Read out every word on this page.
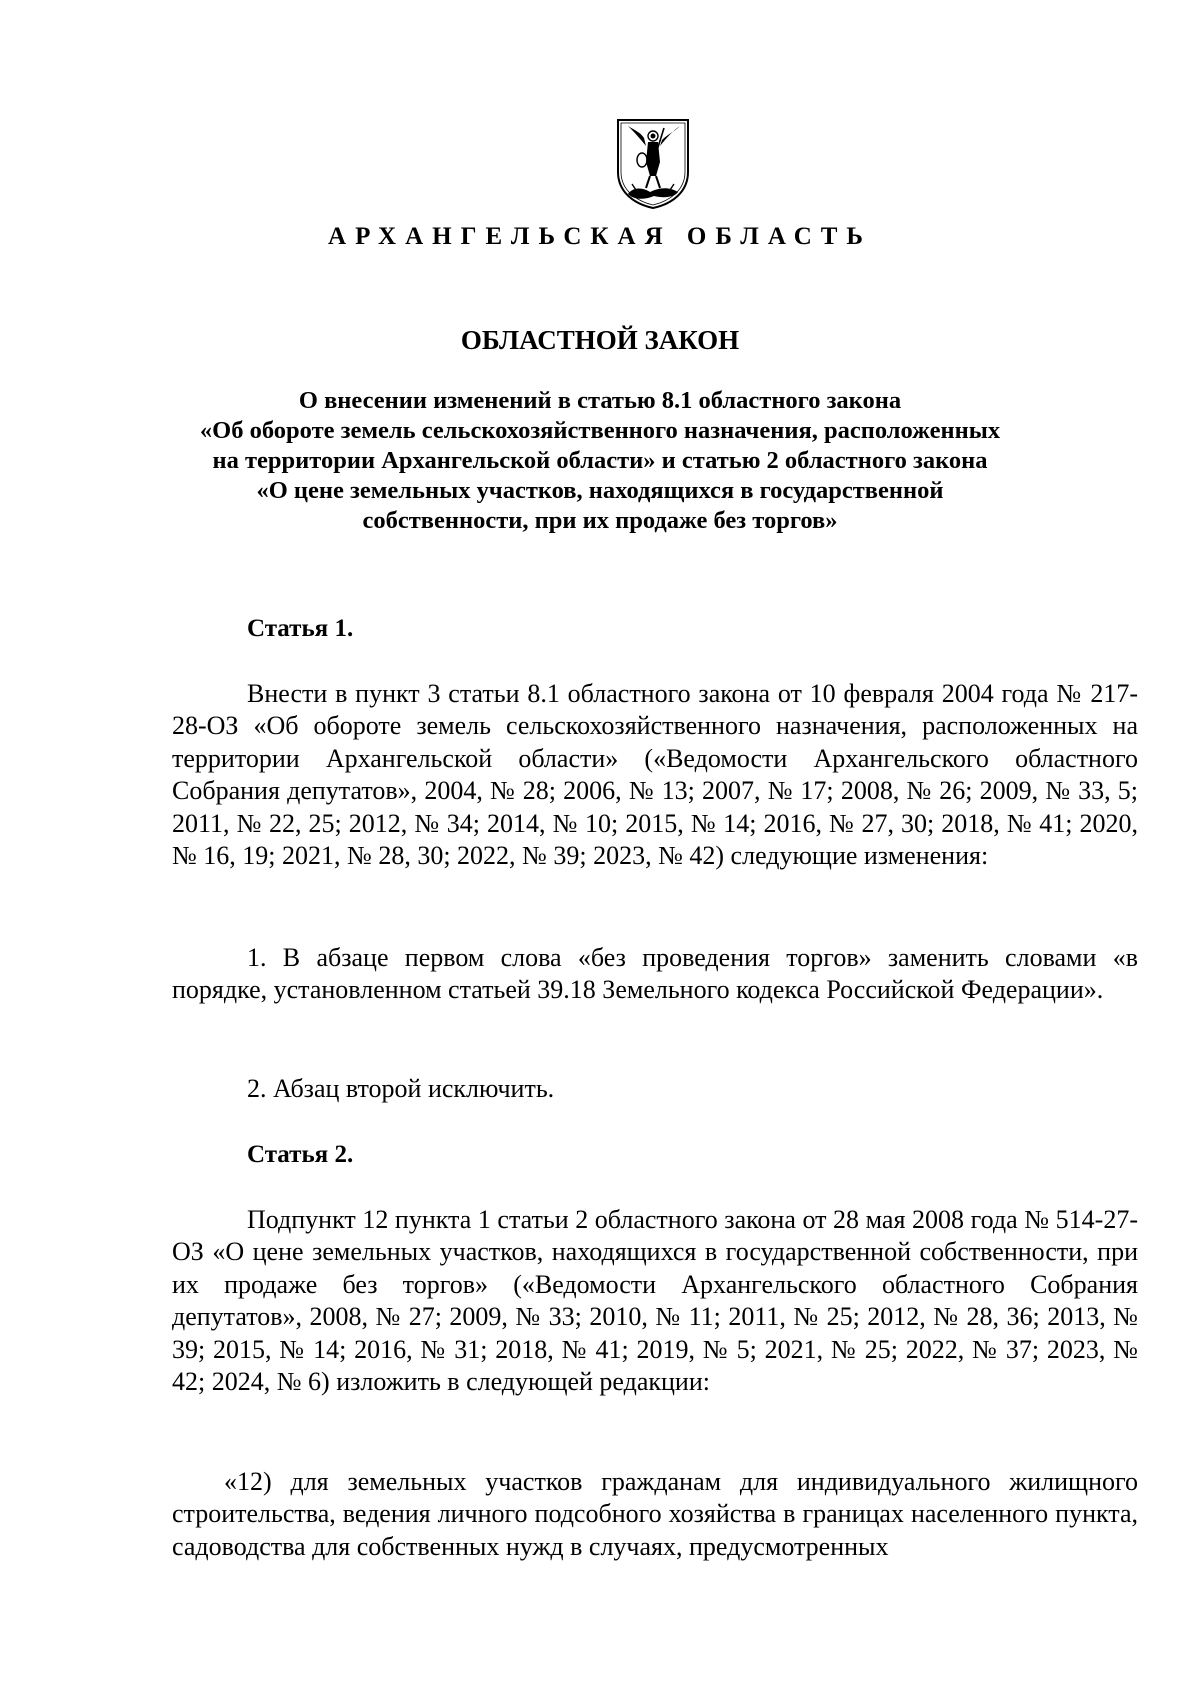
АРХАНГЕЛЬСКАЯ ОБЛАСТЬ
ОБЛАСТНОЙ ЗАКОН
О внесении изменений в статью 8.1 областного закона
«Об обороте земель сельскохозяйственного назначения, расположенных
на территории Архангельской области» и статью 2 областного закона
«О цене земельных участков, находящихся в государственной
собственности, при их продаже без торгов»
Статья 1.

Внести в пункт 3 статьи 8.1 областного закона от 10 февраля 2004 года № 217-28-ОЗ «Об обороте земель сельскохозяйственного назначения, расположенных на территории Архангельской области» («Ведомости Архангельского областного Собрания депутатов», 2004, № 28; 2006, № 13; 2007, № 17; 2008, № 26; 2009, № 33, 5; 2011, № 22, 25; 2012, № 34; 2014, № 10; 2015, № 14; 2016, № 27, 30; 2018, № 41; 2020, № 16, 19; 2021, № 28, 30; 2022, № 39; 2023, № 42) следующие изменения:

1. В абзаце первом слова «без проведения торгов» заменить словами «в порядке, установленном статьей 39.18 Земельного кодекса Российской Федерации».

2. Абзац второй исключить.

Статья 2.

Подпункт 12 пункта 1 статьи 2 областного закона от 28 мая 2008 года № 514-27-ОЗ «О цене земельных участков, находящихся в государственной собственности, при их продаже без торгов» («Ведомости Архангельского областного Собрания депутатов», 2008, № 27; 2009, № 33; 2010, № 11; 2011, № 25; 2012, № 28, 36; 2013, № 39; 2015, № 14; 2016, № 31; 2018, № 41; 2019, № 5; 2021, № 25; 2022, № 37; 2023, № 42; 2024, № 6) изложить в следующей редакции:

«12) для земельных участков гражданам для индивидуального жилищного строительства, ведения личного подсобного хозяйства в границах населенного пункта, садоводства для собственных нужд в случаях, предусмотренных
